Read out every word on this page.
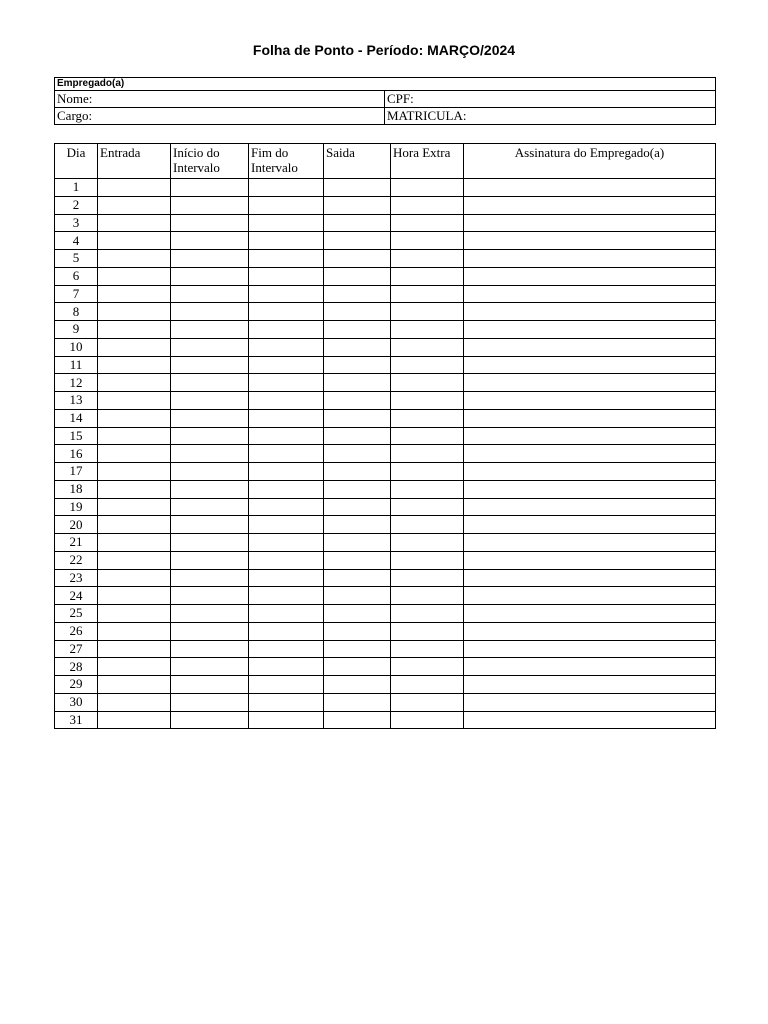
Folha de Ponto - Período: MARÇO/2024
Empregado(a)	
Nome:	CPF:
Cargo:	MATRICULA:
Dia	Entrada	Início do Intervalo	Fim do Intervalo	Saida	Hora Extra	Assinatura do Empregado(a)
1						
2						
3						
4						
5						
6						
7						
8						
9						
10						
11						
12						
13						
14						
15						
16						
17						
18						
19						
20						
21						
22						
23						
24						
25						
26						
27						
28						
29						
30						
31						
